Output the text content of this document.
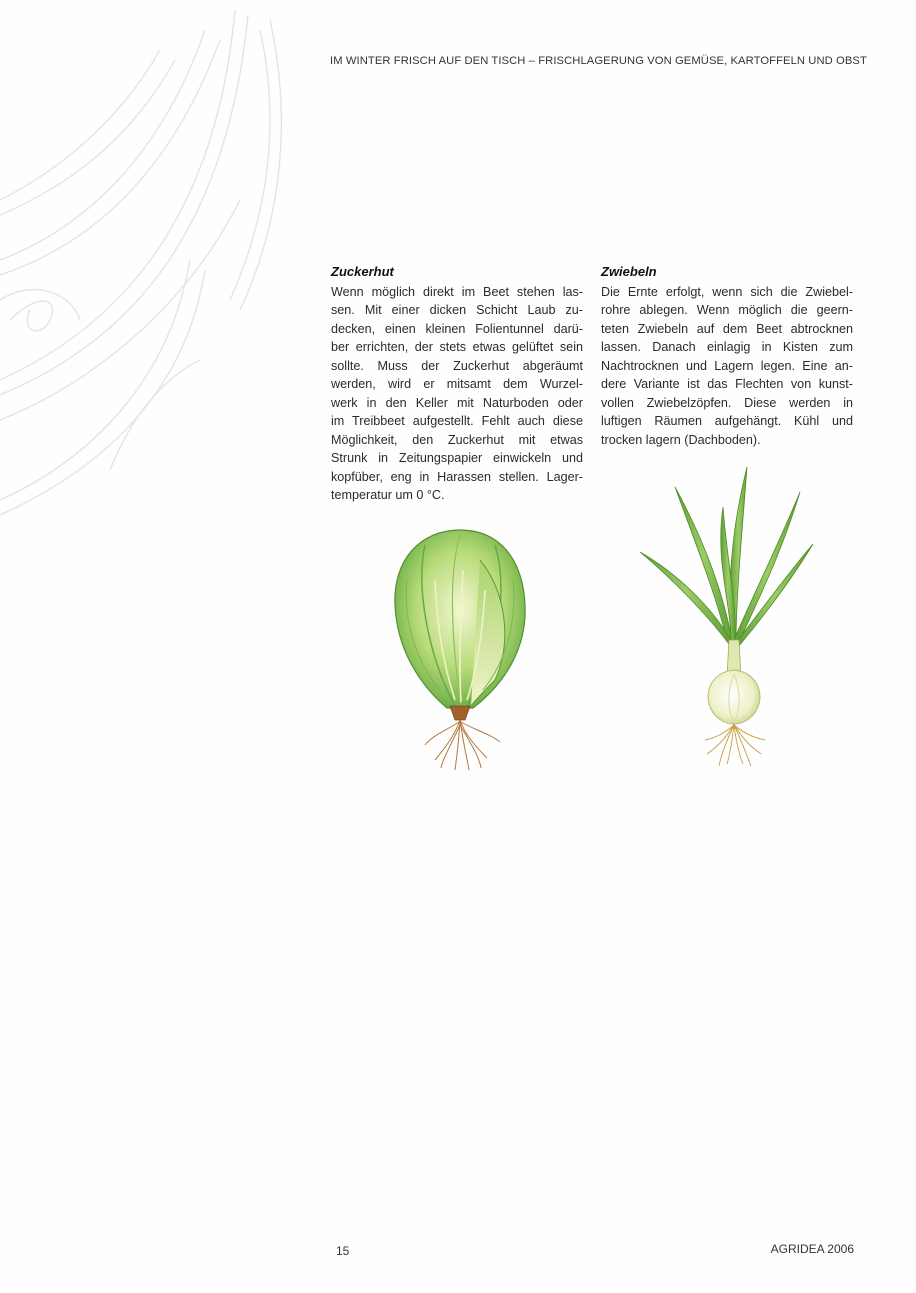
IM WINTER FRISCH AUF DEN TISCH – FRISCHLAGERUNG VON GEMÜSE, KARTOFFELN UND OBST
Zuckerhut
Wenn möglich direkt im Beet stehen las-
sen. Mit einer dicken Schicht Laub zu-
decken, einen kleinen Folientunnel darü-
ber errichten, der stets etwas gelüftet sein
sollte. Muss der Zuckerhut abgeräumt
werden, wird er mitsamt dem Wurzel-
werk in den Keller mit Naturboden oder
im Treibbeet aufgestellt. Fehlt auch diese
Möglichkeit, den Zuckerhut mit etwas
Strunk in Zeitungspapier einwickeln und
kopfüber, eng in Harassen stellen. Lager-
temperatur um 0 °C.
Zwiebeln
Die Ernte erfolgt, wenn sich die Zwiebel-
rohre ablegen. Wenn möglich die geern-
teten Zwiebeln auf dem Beet abtrocknen
lassen. Danach einlagig in Kisten zum
Nachtrocknen und Lagern legen. Eine an-
dere Variante ist das Flechten von kunst-
vollen Zwiebelzöpfen. Diese werden in
luftigen Räumen aufgehängt. Kühl und
trocken lagern (Dachboden).
15	AGRIDEA 2006
